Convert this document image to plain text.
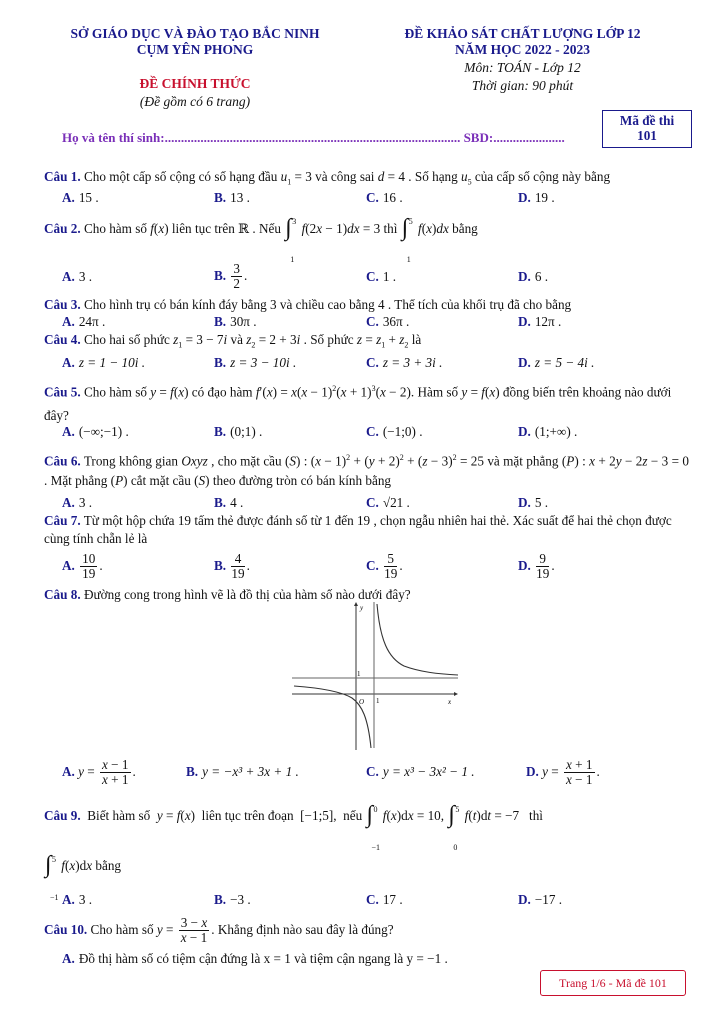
SỞ GIÁO DỤC VÀ ĐÀO TẠO BẮC NINH
CỤM YÊN PHONG
ĐỀ KHẢO SÁT CHẤT LƯỢNG LỚP 12
NĂM HỌC 2022 - 2023
Môn: TOÁN - Lớp 12
Thời gian: 90 phút
ĐỀ CHÍNH THỨC
(Đề gồm có 6 trang)
Mã đề thi
101
Họ và tên thí sinh:........................................................................................... SBD:......................
Câu 1. Cho một cấp số cộng có số hạng đầu $u_1 = 3$ và công sai d = 4 . Số hạng $u_5$ của cấp số cộng này bằng
A. 15 .	B. 13 .	C. 16 .	D. 19 .
Câu 2. Cho hàm số f(x) liên tục trên ℝ . Nếu 3
∫
1
f(2x − 1)dx = 3 thì 5
∫
1
f(x)dx bằng
A. 3 .	B. $\frac{3}{2}$ .	C. 1 .	D. 6 .
Câu 3. Cho hình trụ có bán kính đáy bằng 3 và chiều cao bằng 4 . Thể tích của khối trụ đã cho bằng
A. 24π .	B. 30π .	C. 36π .	D. 12π .
Câu 4. Cho hai số phức $z_1 = 3 - 7i$ và $z_2 = 2 + 3i$ . Số phức $z = z_1 + z_2$ là
A. z = 1 − 10i .	B. z = 3 − 10i .	C. z = 3 + 3i .	D. z = 5 − 4i .
Câu 5. Cho hàm số y = f(x) có đạo hàm $f'(x) = x(x - 1)^2(x + 1)^3(x - 2)$. Hàm số y = f(x) đồng biến trên khoảng nào dưới đây?
A. (−∞;−1) .	B. (0;1) .	C. (−1;0) .	D. (1;+∞) .
Câu 6. Trong không gian Oxyz , cho mặt cầu (S) : $(x - 1)^2 + (y + 2)^2 + (z - 3)^2 = 25$ và mặt phẳng (P) : x + 2y − 2z − 3 = 0 . Mặt phẳng (P) cắt mặt cầu (S) theo đường tròn có bán kính bằng
A. 3 .	B. 4 .	C. √21 .	D. 5 .
Câu 7. Từ một hộp chứa 19 tấm thẻ được đánh số từ 1 đến 19 , chọn ngẫu nhiên hai thẻ. Xác suất để hai thẻ chọn được cùng tính chẵn lẻ là
A. $\frac{10}{19}$ .	B. $\frac{4}{19}$ .	C. $\frac{5}{19}$ .	D. $\frac{9}{19}$ .
Câu 8. Đường cong trong hình vẽ là đồ thị của hàm số nào dưới đây?
y
x
O 1
1
A. $y = \frac{x - 1}{x + 1}$ .	B. y = −x³ + 3x + 1 .	C. y = x³ − 3x² − 1 .	D. $y = \frac{x + 1}{x - 1}$ .
Câu 9.  Biết hàm số  y = f(x)  liên tục trên đoạn  [−1;5],  nếu 0
∫
−1
f(x)dx = 10, 5
∫
0
f(t)dt = −7   thì
5
∫
−1
f(x)dx bằng
A. 3 .	B. −3 .	C. 17 .	D. −17 .
Câu 10. Cho hàm số $y = \frac{3 - x}{x - 1}$ . Khẳng định nào sau đây là đúng?
A. Đồ thị hàm số có tiệm cận đứng là x = 1 và tiệm cận ngang là y = −1 .
Trang 1/6 - Mã đề 101
